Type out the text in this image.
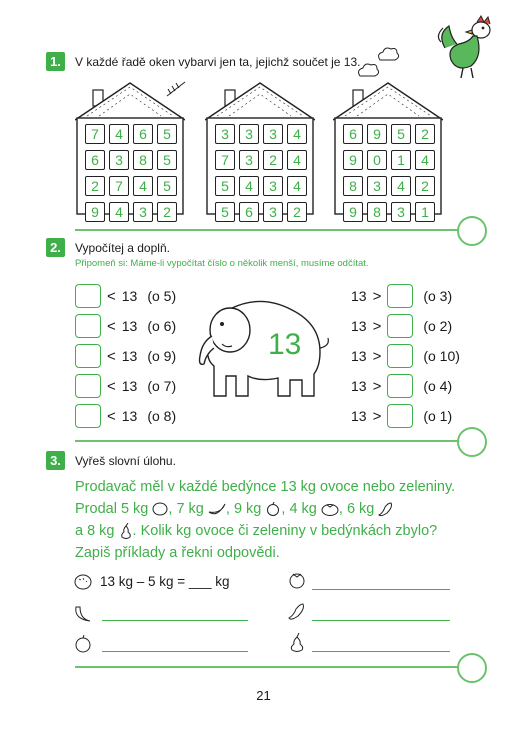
1.	V každé řadě oken vybarvi jen ta, jejichž součet je 13.
7	4	6	5
6	3	8	5
2	7	4	5
9	4	3	2
3	3	3	4
7	3	2	4
5	4	3	4
5	6	3	2
6	9	5	2
9	0	1	4
8	3	4	2
9	8	3	1
2.	Vypočítej a doplň.
Připomeň si: Máme-li vypočítat číslo o několik menší, musíme odčítat.
< 13 (o 5)
< 13 (o 6)
< 13 (o 9)
< 13 (o 7)
< 13 (o 8)
13
13 >	(o 3)
13 >	(o 2)
13 >	(o 10)
13 >	(o 4)
13 >	(o 1)
3.	Vyřeš slovní úlohu.
Prodavač měl v každé bedýnce 13 kg ovoce nebo zeleniny.
Prodal 5 kg , 7 kg , 9 kg , 4 kg , 6 kg
a 8 kg . Kolik kg ovoce či zeleniny v bedýnkách zbylo?
Zapiš příklady a řekni odpovědi.
13 kg – 5 kg = ___ kg
21
